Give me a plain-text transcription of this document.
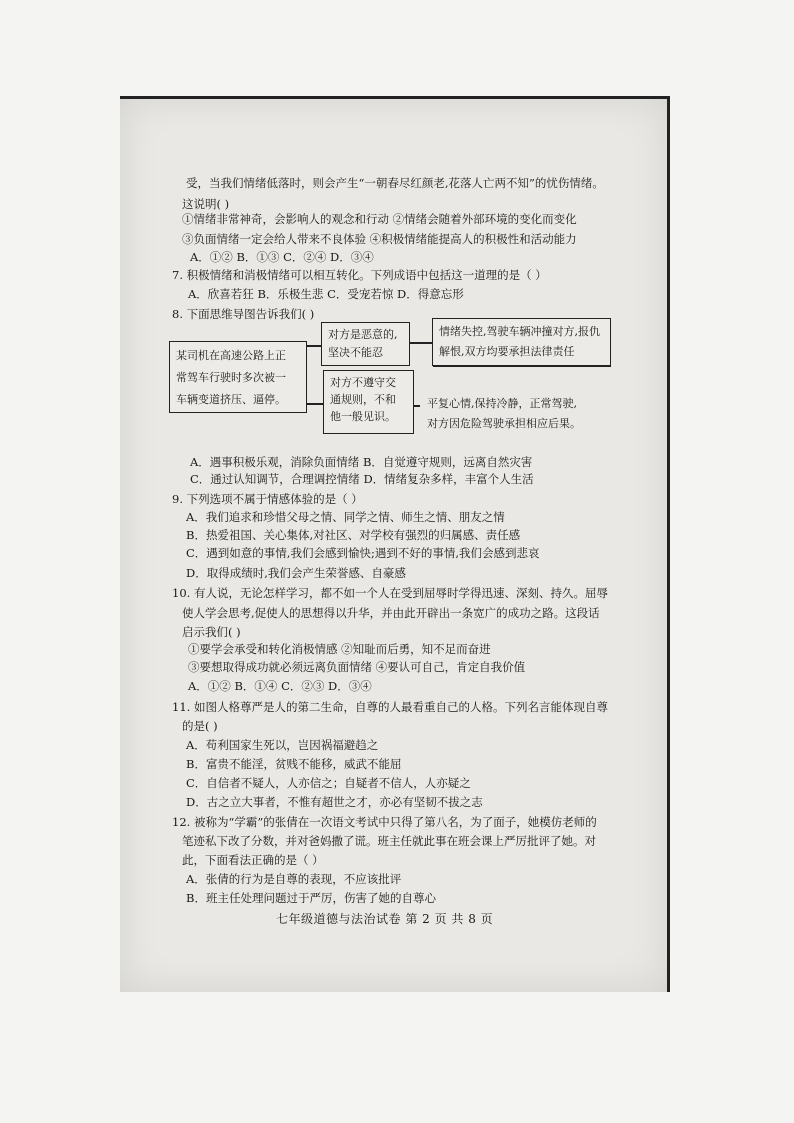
受，当我们情绪低落时，则会产生“一朝春尽红颜老,花落人亡两不知”的忧伤情绪。
这说明( )
①情绪非常神奇，会影响人的观念和行动 ②情绪会随着外部环境的变化而变化
③负面情绪一定会给人带来不良体验 ④积极情绪能提高人的积极性和活动能力
A．①② B．①③ C．②④ D．③④
7. 积极情绪和消极情绪可以相互转化。下列成语中包括这一道理的是（ ）
A．欣喜若狂 B．乐极生悲 C．受宠若惊 D．得意忘形
8. 下面思维导图告诉我们( )
某司机在高速公路上正
常驾车行驶时多次被一
车辆变道挤压、逼停。
对方是恶意的,
坚决不能忍
对方不遵守交
通规则，不和
他一般见识。
情绪失控,驾驶车辆冲撞对方,报仇
解恨,双方均要承担法律责任
平复心情,保持冷静，正常驾驶,
对方因危险驾驶承担相应后果。
A．遇事积极乐观，消除负面情绪 B．自觉遵守规则，远离自然灾害
C．通过认知调节，合理调控情绪 D．情绪复杂多样，丰富个人生活
9. 下列选项不属于情感体验的是（ ）
A．我们追求和珍惜父母之情、同学之情、师生之情、朋友之情
B．热爱祖国、关心集体,对社区、对学校有强烈的归属感、责任感
C．遇到如意的事情,我们会感到愉快;遇到不好的事情,我们会感到悲哀
D．取得成绩时,我们会产生荣誉感、自豪感
10. 有人说，无论怎样学习，都不如一个人在受到屈辱时学得迅速、深刻、持久。屈辱
使人学会思考,促使人的思想得以升华，并由此开辟出一条宽广的成功之路。这段话
启示我们( )
①要学会承受和转化消极情感 ②知耻而后勇，知不足而奋进
③要想取得成功就必须远离负面情绪 ④要认可自己，肯定自我价值
A．①② B．①④ C．②③ D．③④
11. 如图人格尊严是人的第二生命，自尊的人最看重自己的人格。下列名言能体现自尊
的是( )
A．苟利国家生死以，岂因祸福避趋之
B．富贵不能淫，贫贱不能移，威武不能屈
C．自信者不疑人，人亦信之；自疑者不信人，人亦疑之
D．古之立大事者，不惟有超世之才，亦必有坚韧不拔之志
12. 被称为“学霸”的张倩在一次语文考试中只得了第八名，为了面子，她模仿老师的
笔迹私下改了分数，并对爸妈撒了谎。班主任就此事在班会课上严厉批评了她。对
此，下面看法正确的是（ ）
A．张倩的行为是自尊的表现，不应该批评
B．班主任处理问题过于严厉，伤害了她的自尊心
七年级道德与法治试卷 第 2 页 共 8 页
